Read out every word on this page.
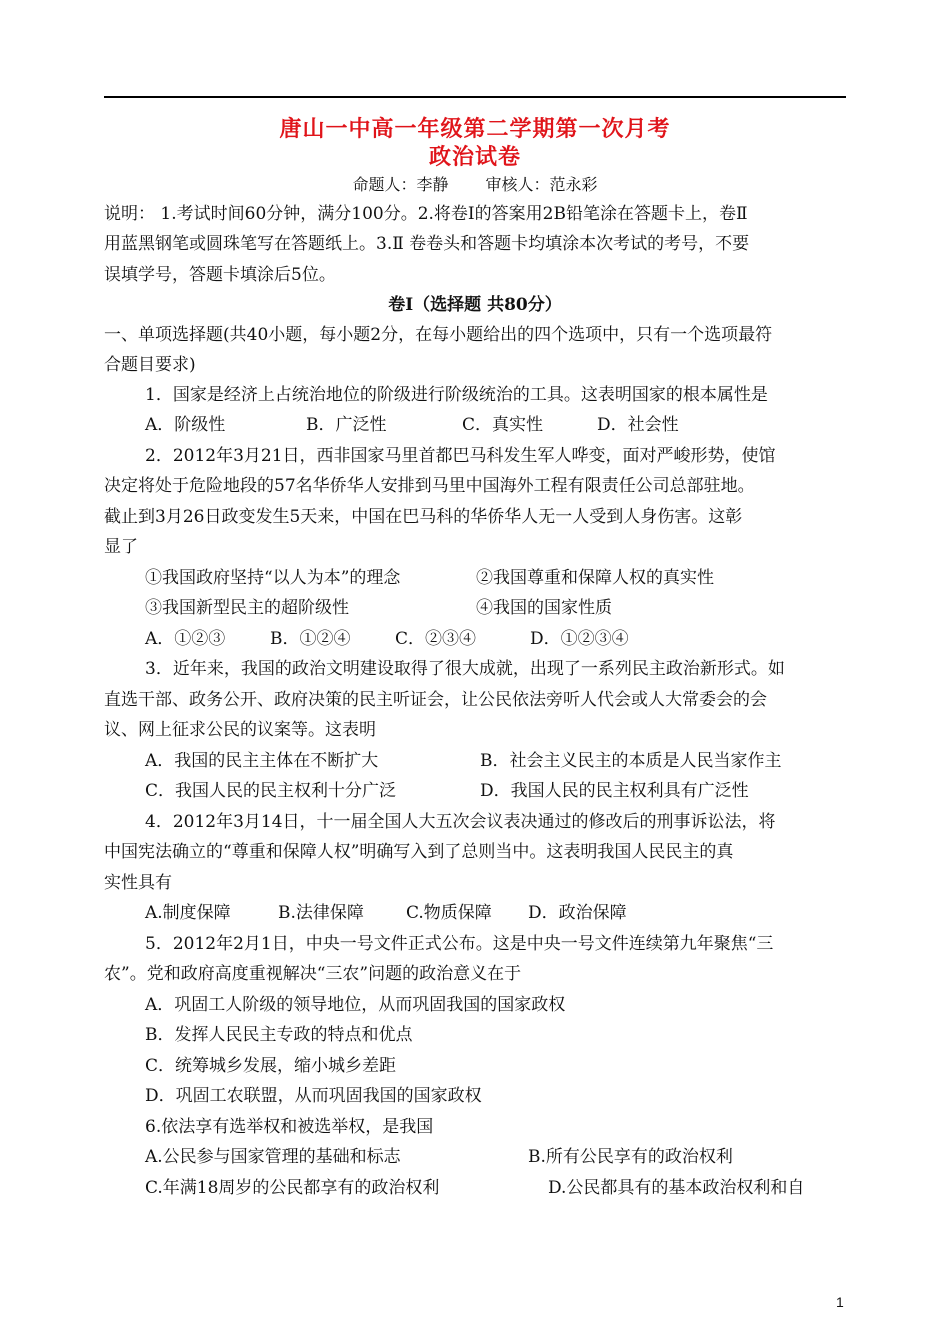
唐山一中高一年级第二学期第一次月考
政治试卷
命题人：李静 审核人：范永彩
说明： 1.考试时间60分钟，满分100分。2.将卷Ⅰ的答案用2B铅笔涂在答题卡上，卷Ⅱ
用蓝黑钢笔或圆珠笔写在答题纸上。3.Ⅱ 卷卷头和答题卡均填涂本次考试的考号，不要
误填学号，答题卡填涂后5位。
卷Ⅰ（选择题 共80分）
一、单项选择题(共40小题，每小题2分，在每小题给出的四个选项中，只有一个选项最符
合题目要求)
1．国家是经济上占统治地位的阶级进行阶级统治的工具。这表明国家的根本属性是
A．阶级性	B．广泛性	C．真实性	D．社会性
2．2012年3月21日，西非国家马里首都巴马科发生军人哗变，面对严峻形势，使馆
决定将处于危险地段的57名华侨华人安排到马里中国海外工程有限责任公司总部驻地。
截止到3月26日政变发生5天来，中国在巴马科的华侨华人无一人受到人身伤害。这彰
显了
①我国政府坚持“以人为本”的理念	②我国尊重和保障人权的真实性
③我国新型民主的超阶级性	④我国的国家性质
A．①②③	B．①②④	C．②③④	D．①②③④
3．近年来，我国的政治文明建设取得了很大成就，出现了一系列民主政治新形式。如
直选干部、政务公开、政府决策的民主听证会，让公民依法旁听人代会或人大常委会的会
议、网上征求公民的议案等。这表明
A．我国的民主主体在不断扩大	B．社会主义民主的本质是人民当家作主
C．我国人民的民主权利十分广泛	D．我国人民的民主权利具有广泛性
4．2012年3月14日，十一届全国人大五次会议表决通过的修改后的刑事诉讼法，将
中国宪法确立的“尊重和保障人权”明确写入到了总则当中。这表明我国人民民主的真
实性具有
A.制度保障	B.法律保障 C.物质保障 D．政治保障
5．2012年2月1日，中央一号文件正式公布。这是中央一号文件连续第九年聚焦“三
农”。党和政府高度重视解决“三农”问题的政治意义在于
A．巩固工人阶级的领导地位，从而巩固我国的国家政权
B．发挥人民民主专政的特点和优点
C．统筹城乡发展，缩小城乡差距
D．巩固工农联盟，从而巩固我国的国家政权
6.依法享有选举权和被选举权，是我国
A.公民参与国家管理的基础和标志	B.所有公民享有的政治权利
C.年满18周岁的公民都享有的政治权利	D.公民都具有的基本政治权利和自
1
